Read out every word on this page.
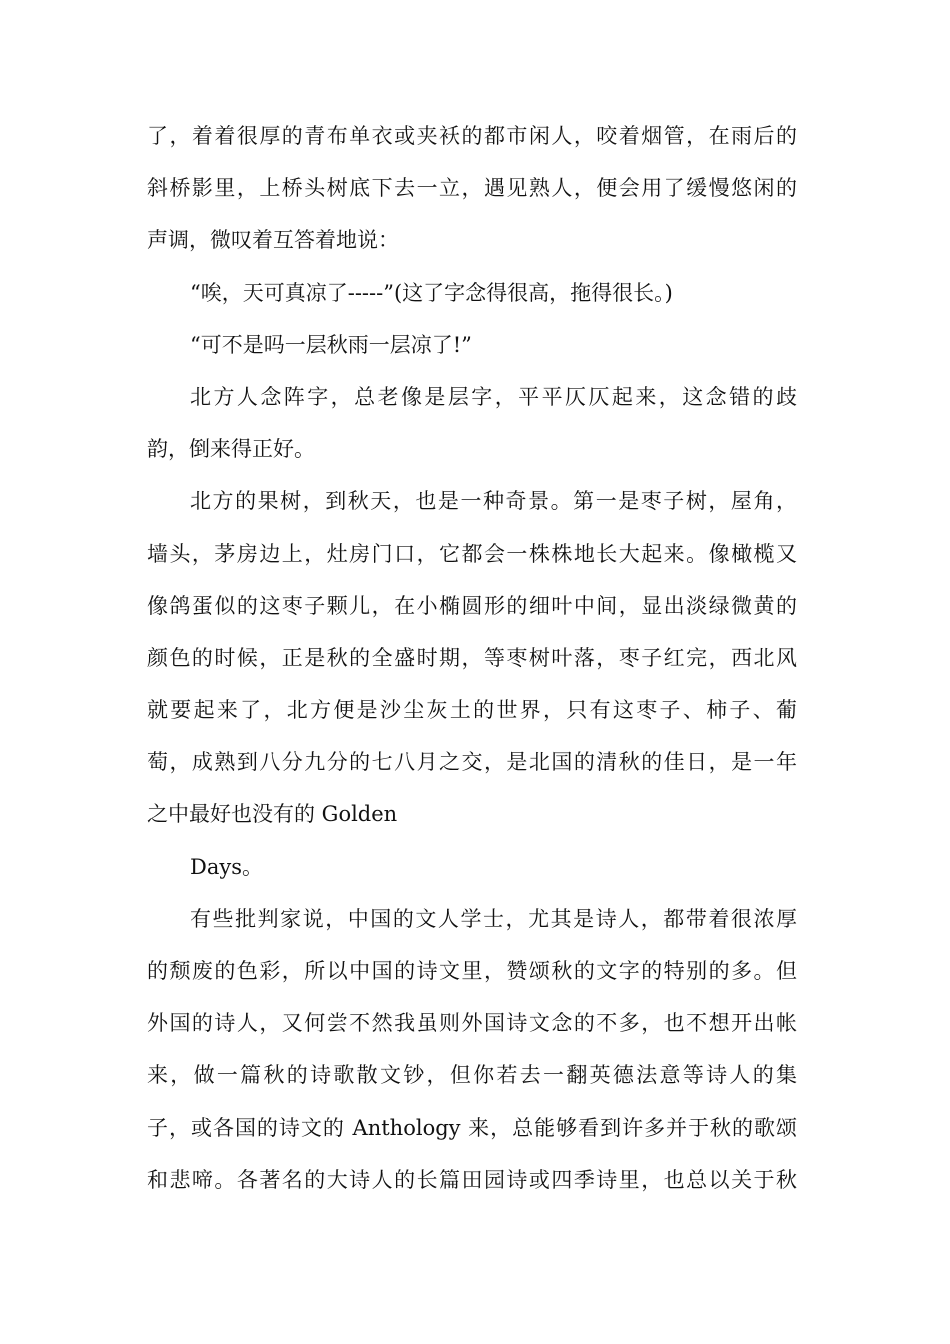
了，着着很厚的青布单衣或夹袄的都市闲人，咬着烟管，在雨后的
斜桥影里，上桥头树底下去一立，遇见熟人，便会用了缓慢悠闲的
声调，微叹着互答着地说：
“唉，天可真凉了-----”(这了字念得很高，拖得很长。)
“可不是吗一层秋雨一层凉了!”
北方人念阵字，总老像是层字，平平仄仄起来，这念错的歧
韵，倒来得正好。
北方的果树，到秋天，也是一种奇景。第一是枣子树，屋角，
墙头，茅房边上，灶房门口，它都会一株株地长大起来。像橄榄又
像鸽蛋似的这枣子颗儿，在小椭圆形的细叶中间，显出淡绿微黄的
颜色的时候，正是秋的全盛时期，等枣树叶落，枣子红完，西北风
就要起来了，北方便是沙尘灰土的世界，只有这枣子、柿子、葡
萄，成熟到八分九分的七八月之交，是北国的清秋的佳日，是一年
之中最好也没有的 Golden
Days。
有些批判家说，中国的文人学士，尤其是诗人，都带着很浓厚
的颓废的色彩，所以中国的诗文里，赞颂秋的文字的特别的多。但
外国的诗人，又何尝不然我虽则外国诗文念的不多，也不想开出帐
来，做一篇秋的诗歌散文钞，但你若去一翻英德法意等诗人的集
子，或各国的诗文的 Anthology 来，总能够看到许多并于秋的歌颂
和悲啼。各著名的大诗人的长篇田园诗或四季诗里，也总以关于秋
